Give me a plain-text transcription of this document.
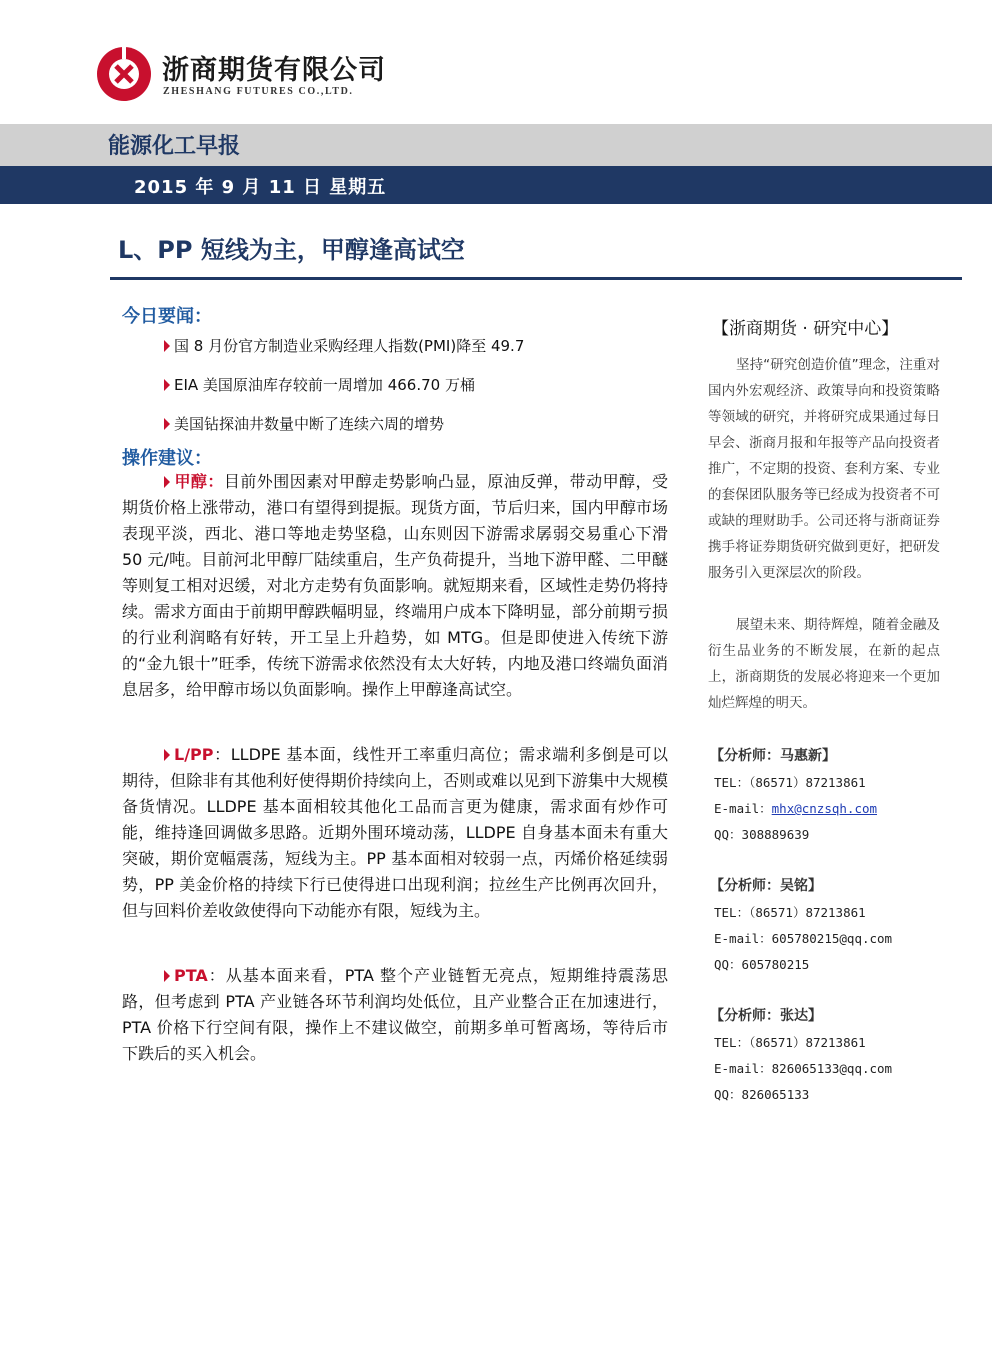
浙商期货有限公司
ZHESHANG FUTURES CO.,LTD.
能源化工早报
2015 年 9 月 11 日 星期五
L、PP 短线为主，甲醇逢高试空
今日要闻：
国 8 月份官方制造业采购经理人指数(PMI)降至 49.7
EIA 美国原油库存较前一周增加 466.70 万桶
美国钻探油井数量中断了连续六周的增势
操作建议：
甲醇：目前外围因素对甲醇走势影响凸显，原油反弹，带动甲醇，受期货价格上涨带动，港口有望得到提振。现货方面，节后归来，国内甲醇市场表现平淡，西北、港口等地走势坚稳，山东则因下游需求孱弱交易重心下滑 50 元/吨。目前河北甲醇厂陆续重启，生产负荷提升，当地下游甲醛、二甲醚等则复工相对迟缓，对北方走势有负面影响。就短期来看，区域性走势仍将持续。需求方面由于前期甲醇跌幅明显，终端用户成本下降明显，部分前期亏损的行业利润略有好转，开工呈上升趋势，如 MTG。但是即使进入传统下游的“金九银十”旺季，传统下游需求依然没有太大好转，内地及港口终端负面消息居多，给甲醇市场以负面影响。操作上甲醇逢高试空。
L/PP：LLDPE 基本面，线性开工率重归高位；需求端利多倒是可以期待，但除非有其他利好使得期价持续向上，否则或难以见到下游集中大规模备货情况。LLDPE 基本面相较其他化工品而言更为健康，需求面有炒作可能，维持逢回调做多思路。近期外围环境动荡，LLDPE 自身基本面未有重大突破，期价宽幅震荡，短线为主。PP 基本面相对较弱一点，丙烯价格延续弱势，PP 美金价格的持续下行已使得进口出现利润；拉丝生产比例再次回升，但与回料价差收敛使得向下动能亦有限，短线为主。
PTA：从基本面来看，PTA 整个产业链暂无亮点，短期维持震荡思路，但考虑到 PTA 产业链各环节利润均处低位，且产业整合正在加速进行，PTA 价格下行空间有限，操作上不建议做空，前期多单可暂离场，等待后市下跌后的买入机会。
【浙商期货 · 研究中心】
坚持“研究创造价值”理念，注重对国内外宏观经济、政策导向和投资策略等领域的研究，并将研究成果通过每日早会、浙商月报和年报等产品向投资者推广，不定期的投资、套利方案、专业的套保团队服务等已经成为投资者不可或缺的理财助手。公司还将与浙商证券携手将证券期货研究做到更好，把研发服务引入更深层次的阶段。
展望未来、期待辉煌，随着金融及衍生品业务的不断发展，在新的起点上，浙商期货的发展必将迎来一个更加灿烂辉煌的明天。
【分析师：马惠新】
TEL：（86571）87213861
E-mail：mhx@cnzsqh.com
QQ：308889639
【分析师：吴铭】
TEL：（86571）87213861
E-mail：605780215@qq.com
QQ：605780215
【分析师：张达】
TEL：（86571）87213861
E-mail：826065133@qq.com
QQ：826065133
